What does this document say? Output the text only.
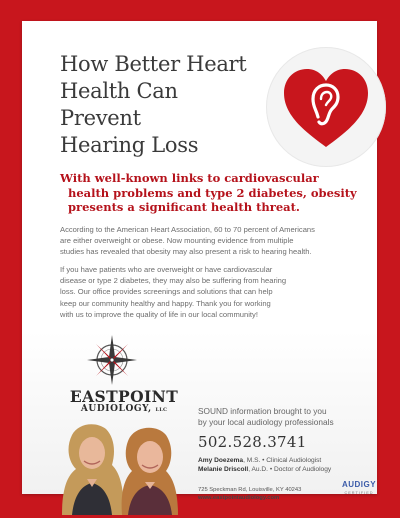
How Better Heart
Health Can Prevent
Hearing Loss
With well-known links to cardiovascular
health problems and type 2 diabetes, obesity
presents a significant health threat.
According to the American Heart Association, 60 to 70 percent of Americans
are either overweight or obese. Now mounting evidence from multiple
studies has revealed that obesity may also present a risk to hearing health.
If you have patients who are overweight or have cardiovascular
disease or type 2 diabetes, they may also be suffering from hearing
loss. Our office provides screenings and solutions that can help
keep our community healthy and happy. Thank you for working
with us to improve the quality of life in our local community!
EASTPOINT
AUDIOLOGY, LLC	SOUND information brought to you
by your local audiology professionals
502.528.3741
Amy Doezema, M.S. • Clinical Audiologist
Melanie Driscoll, Au.D. • Doctor of Audiology
725 Speckman Rd, Louisville, KY 40243
www.eastpointaudiology.com
AUDIGY
CERTIFIED
